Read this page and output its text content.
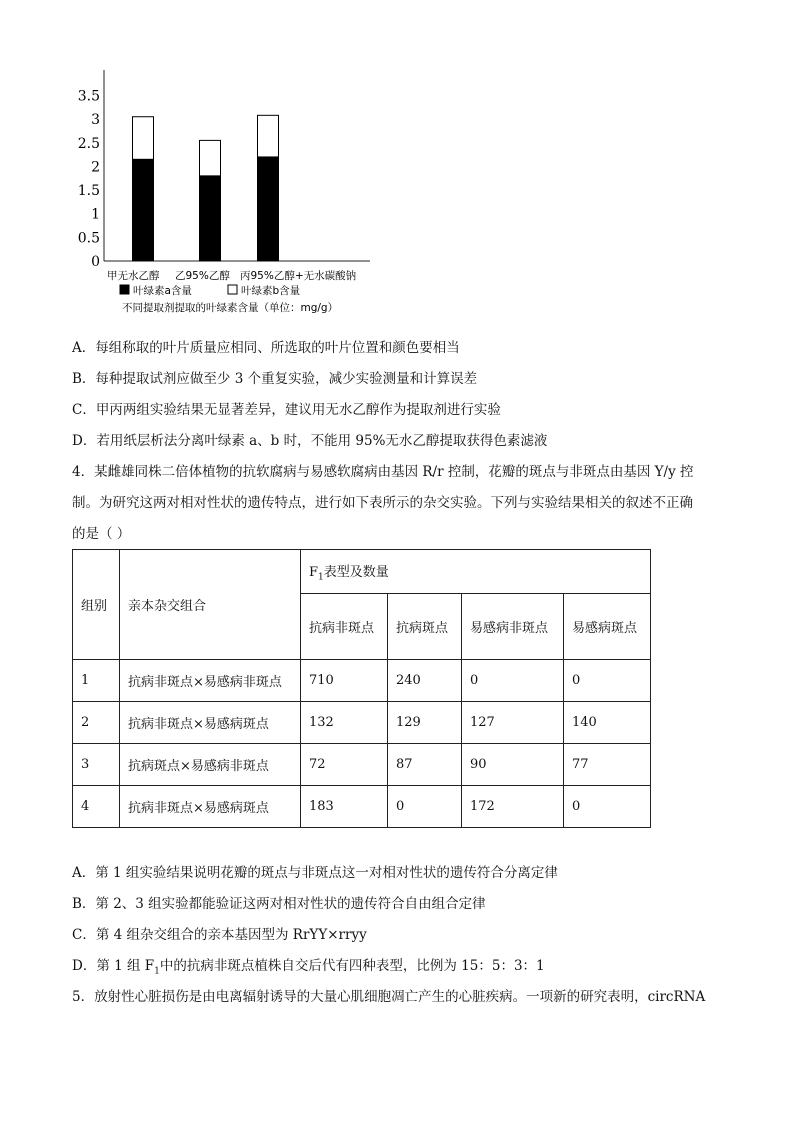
0
0.5
1
1.5
2
2.5
3
3.5
甲无水乙醇 乙95%乙醇 丙95%乙醇+无水碳酸钠
叶绿素a含量	叶绿素b含量
不同提取剂提取的叶绿素含量（单位：mg/g）
A．每组称取的叶片质量应相同、所选取的叶片位置和颜色要相当
B．每种提取试剂应做至少 3 个重复实验，减少实验测量和计算误差
C．甲丙两组实验结果无显著差异，建议用无水乙醇作为提取剂进行实验
D．若用纸层析法分离叶绿素 a、b 时，不能用 95%无水乙醇提取获得色素滤液
4．某雌雄同株二倍体植物的抗软腐病与易感软腐病由基因 R/r 控制，花瓣的斑点与非斑点由基因 Y/y 控
制。为研究这两对相对性状的遗传特点，进行如下表所示的杂交实验。下列与实验结果相关的叙述不正确
的是（ ）
组别	亲本杂交组合	$F_1$表型及数量			
		抗病非斑点	抗病斑点	易感病非斑点	易感病斑点
1	抗病非斑点×易感病非斑点	710	240	0	0
2	抗病非斑点×易感病斑点	132	129	127	140
3	抗病斑点×易感病非斑点	72	87	90	77
4	抗病非斑点×易感病斑点	183	0	172	0
A．第 1 组实验结果说明花瓣的斑点与非斑点这一对相对性状的遗传符合分离定律
B．第 2、3 组实验都能验证这两对相对性状的遗传符合自由组合定律
C．第 4 组杂交组合的亲本基因型为 RrYY×rryy
D．第 1 组 $F_1$中的抗病非斑点植株自交后代有四种表型，比例为 15：5：3：1
5．放射性心脏损伤是由电离辐射诱导的大量心肌细胞凋亡产生的心脏疾病。一项新的研究表明，circRNA
